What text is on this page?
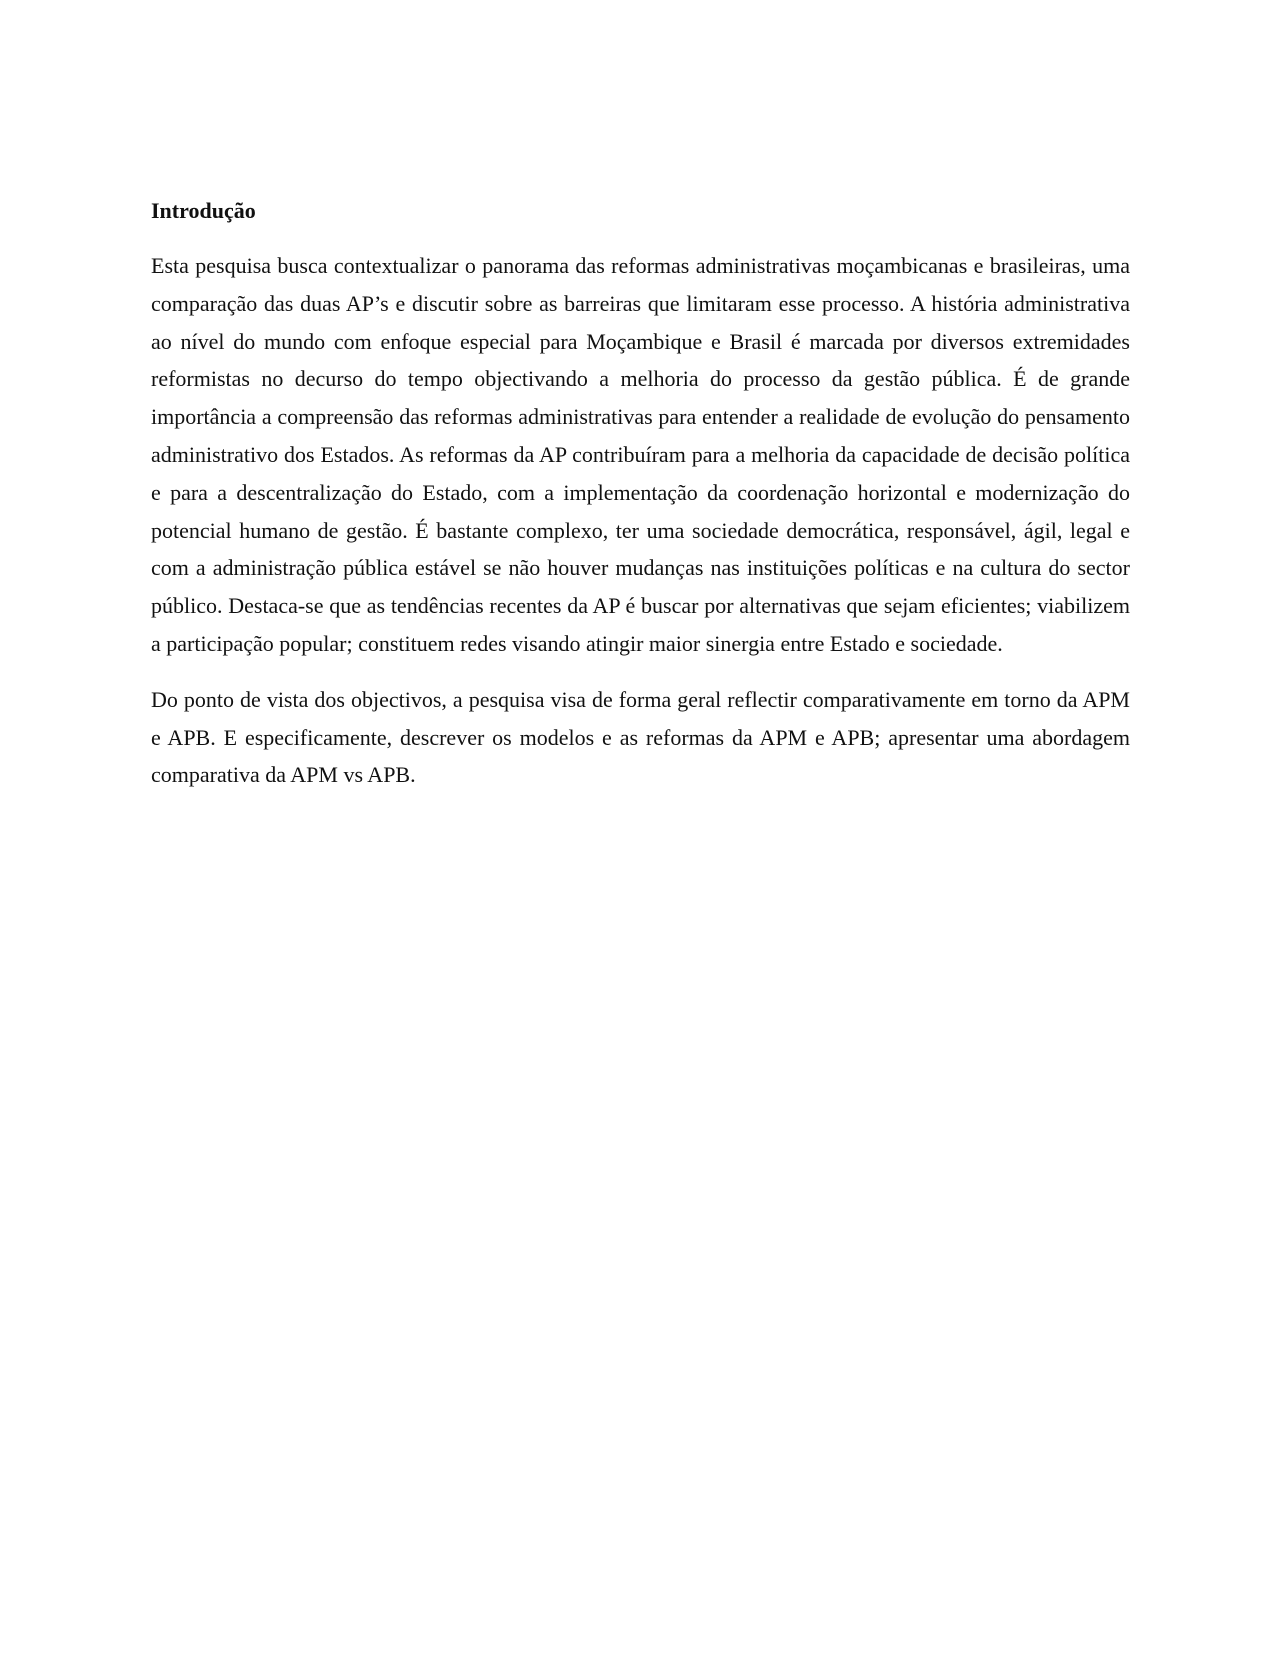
Introdução

Esta pesquisa busca contextualizar o panorama das reformas administrativas moçambicanas e brasileiras, uma comparação das duas AP’s e discutir sobre as barreiras que limitaram esse processo. A história administrativa ao nível do mundo com enfoque especial para Moçambique e Brasil é marcada por diversos extremidades reformistas no decurso do tempo objectivando a melhoria do processo da gestão pública. É de grande importância a compreensão das reformas administrativas para entender a realidade de evolução do pensamento administrativo dos Estados. As reformas da AP contribuíram para a melhoria da capacidade de decisão política e para a descentralização do Estado, com a implementação da coordenação horizontal e modernização do potencial humano de gestão. É bastante complexo, ter uma sociedade democrática, responsável, ágil, legal e com a administração pública estável se não houver mudanças nas instituições políticas e na cultura do sector público. Destaca-se que as tendências recentes da AP é buscar por alternativas que sejam eficientes; viabilizem a participação popular; constituem redes visando atingir maior sinergia entre Estado e sociedade.

Do ponto de vista dos objectivos, a pesquisa visa de forma geral reflectir comparativamente em torno da APM e APB. E especificamente, descrever os modelos e as reformas da APM e APB; apresentar uma abordagem comparativa da APM vs APB.
